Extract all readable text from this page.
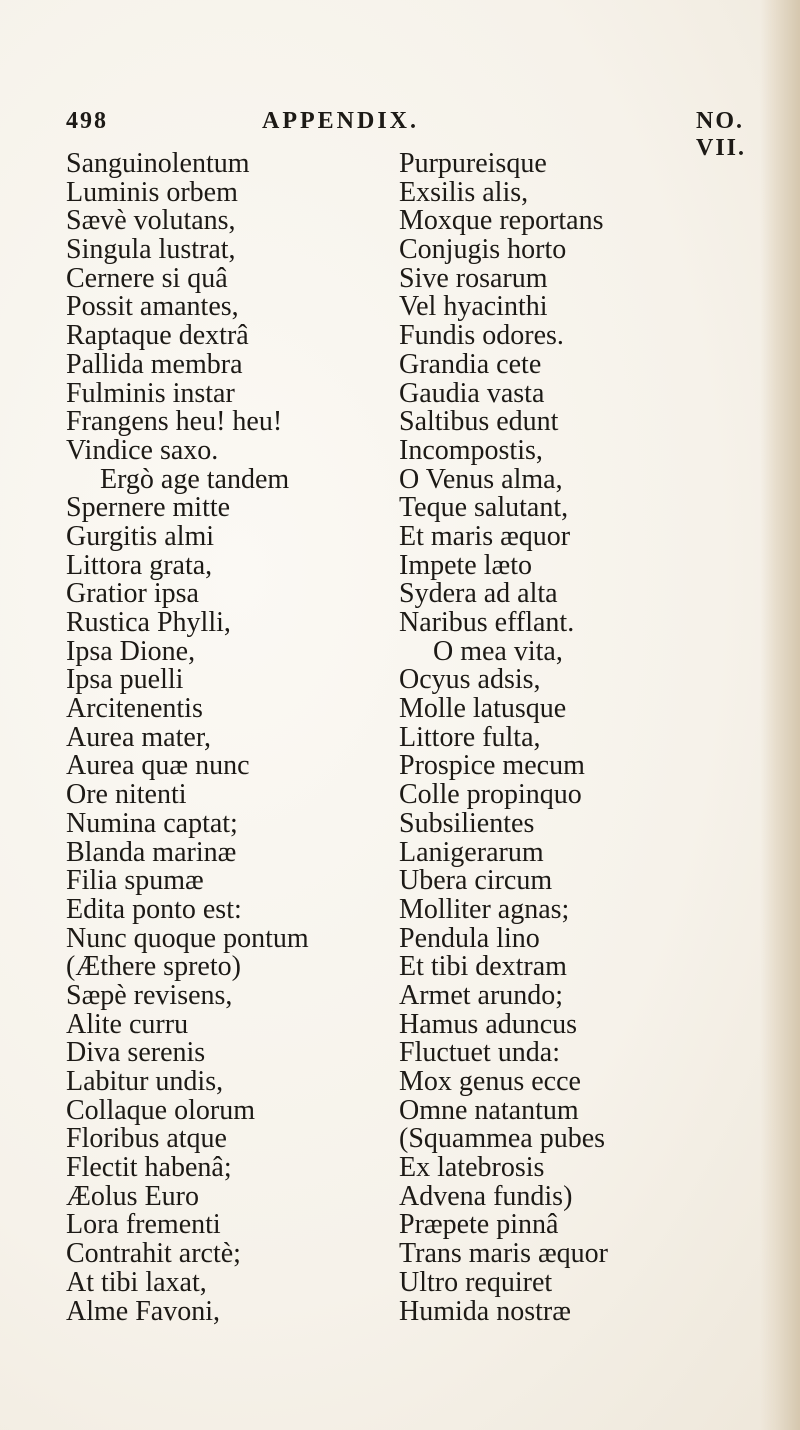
498	APPENDIX.	NO. VII.
Sanguinolentum
Luminis orbem
Sævè volutans,
Singula lustrat,
Cernere si quâ
Possit amantes,
Raptaque dextrâ
Pallida membra
Fulminis instar
Frangens heu! heu!
Vindice saxo.
Ergò age tandem
Spernere mitte
Gurgitis almi
Littora grata,
Gratior ipsa
Rustica Phylli,
Ipsa Dione,
Ipsa puelli
Arcitenentis
Aurea mater,
Aurea quæ nunc
Ore nitenti
Numina captat;
Blanda marinæ
Filia spumæ
Edita ponto est:
Nunc quoque pontum
(Æthere spreto)
Sæpè revisens,
Alite curru
Diva serenis
Labitur undis,
Collaque olorum
Floribus atque
Flectit habenâ;
Æolus Euro
Lora frementi
Contrahit arctè;
At tibi laxat,
Alme Favoni,
Purpureisque
Exsilis alis,
Moxque reportans
Conjugis horto
Sive rosarum
Vel hyacinthi
Fundis odores.
Grandia cete
Gaudia vasta
Saltibus edunt
Incompostis,
O Venus alma,
Teque salutant,
Et maris æquor
Impete læto
Sydera ad alta
Naribus efflant.
O mea vita,
Ocyus adsis,
Molle latusque
Littore fulta,
Prospice mecum
Colle propinquo
Subsilientes
Lanigerarum
Ubera circum
Molliter agnas;
Pendula lino
Et tibi dextram
Armet arundo;
Hamus aduncus
Fluctuet unda:
Mox genus ecce
Omne natantum
(Squammea pubes
Ex latebrosis
Advena fundis)
Præpete pinnâ
Trans maris æquor
Ultro requiret
Humida nostræ
